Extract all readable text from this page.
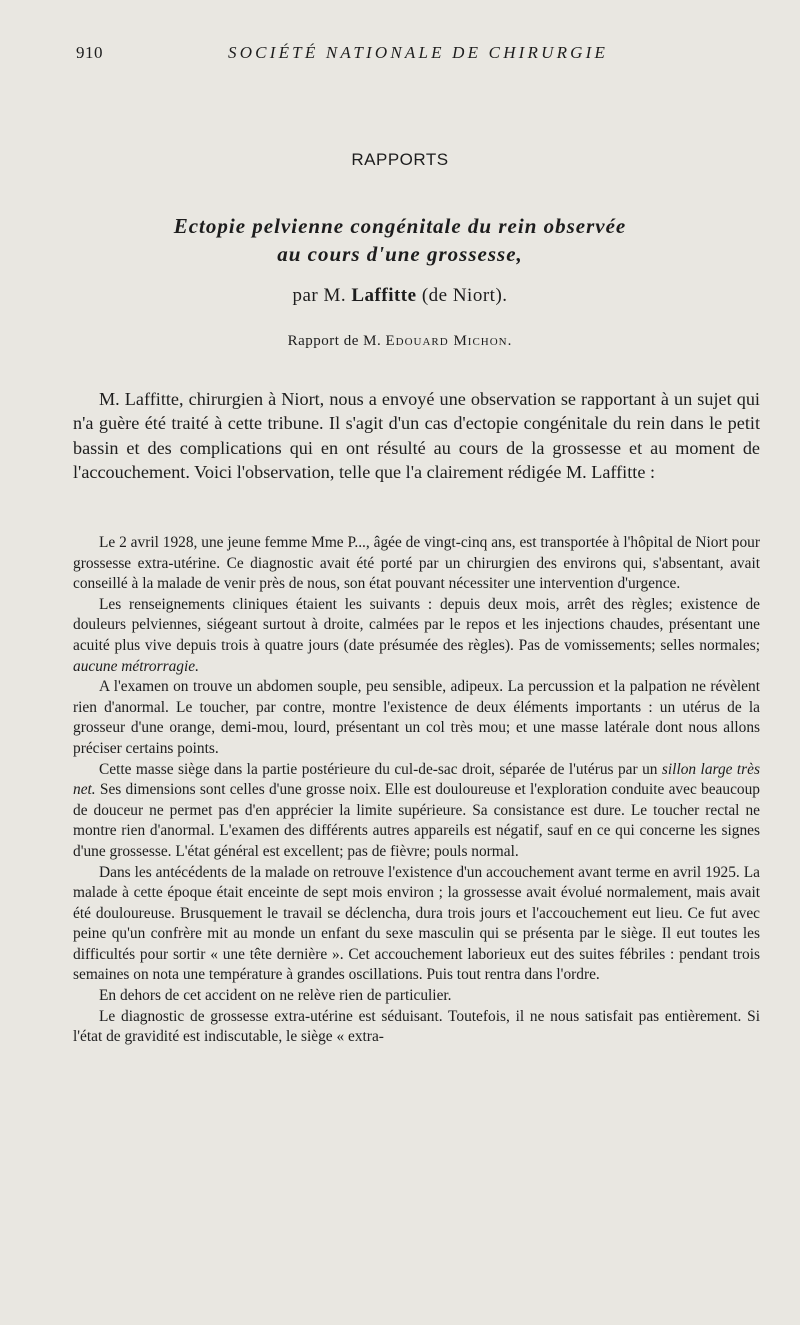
910	SOCIÉTÉ NATIONALE DE CHIRURGIE
RAPPORTS
Ectopie pelvienne congénitale du rein observée
au cours d'une grossesse,
par M. Laffitte (de Niort).
Rapport de M. Edouard Michon.

M. Laffitte, chirurgien à Niort, nous a envoyé une observation se rapportant à un sujet qui n'a guère été traité à cette tribune. Il s'agit d'un cas d'ectopie congénitale du rein dans le petit bassin et des complications qui en ont résulté au cours de la grossesse et au moment de l'accouchement. Voici l'observation, telle que l'a clairement rédigée M. Laffitte :

Le 2 avril 1928, une jeune femme Mme P..., âgée de vingt-cinq ans, est transportée à l'hôpital de Niort pour grossesse extra-utérine. Ce diagnostic avait été porté par un chirurgien des environs qui, s'absentant, avait conseillé à la malade de venir près de nous, son état pouvant nécessiter une intervention d'urgence.

Les renseignements cliniques étaient les suivants : depuis deux mois, arrêt des règles; existence de douleurs pelviennes, siégeant surtout à droite, calmées par le repos et les injections chaudes, présentant une acuité plus vive depuis trois à quatre jours (date présumée des règles). Pas de vomissements; selles normales; aucune métrorragie.

A l'examen on trouve un abdomen souple, peu sensible, adipeux. La percussion et la palpation ne révèlent rien d'anormal. Le toucher, par contre, montre l'existence de deux éléments importants : un utérus de la grosseur d'une orange, demi-mou, lourd, présentant un col très mou; et une masse latérale dont nous allons préciser certains points.

Cette masse siège dans la partie postérieure du cul-de-sac droit, séparée de l'utérus par un sillon large très net. Ses dimensions sont celles d'une grosse noix. Elle est douloureuse et l'exploration conduite avec beaucoup de douceur ne permet pas d'en apprécier la limite supérieure. Sa consistance est dure. Le toucher rectal ne montre rien d'anormal. L'examen des différents autres appareils est négatif, sauf en ce qui concerne les signes d'une grossesse. L'état général est excellent; pas de fièvre; pouls normal.

Dans les antécédents de la malade on retrouve l'existence d'un accouchement avant terme en avril 1925. La malade à cette époque était enceinte de sept mois environ ; la grossesse avait évolué normalement, mais avait été douloureuse. Brusquement le travail se déclencha, dura trois jours et l'accouchement eut lieu. Ce fut avec peine qu'un confrère mit au monde un enfant du sexe masculin qui se présenta par le siège. Il eut toutes les difficultés pour sortir « une tête dernière ». Cet accouchement laborieux eut des suites fébriles : pendant trois semaines on nota une température à grandes oscillations. Puis tout rentra dans l'ordre.

En dehors de cet accident on ne relève rien de particulier.

Le diagnostic de grossesse extra-utérine est séduisant. Toutefois, il ne nous satisfait pas entièrement. Si l'état de gravidité est indiscutable, le siège « extra-
